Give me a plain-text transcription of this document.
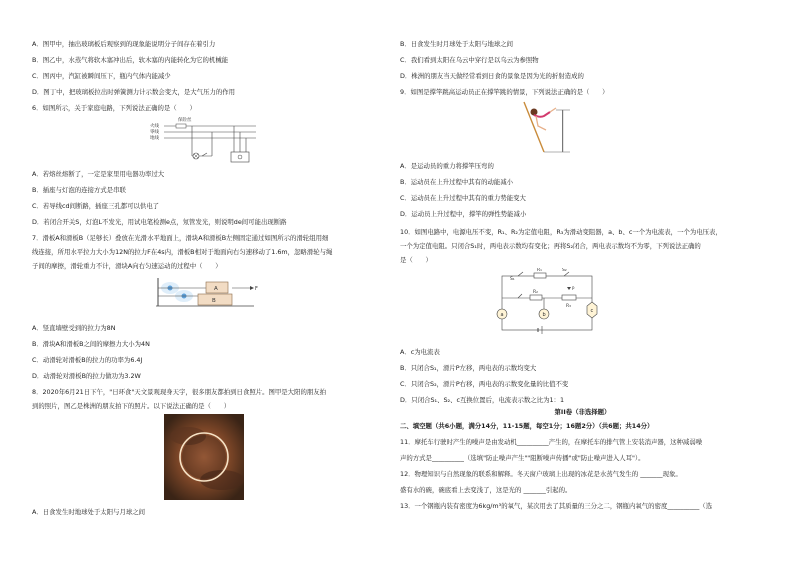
A．图甲中，抽出玻璃板后观察到的现象能说明分子间存在着引力
B．图乙中，水蒸气将软木塞冲出后，软木塞的内能转化为它的机械能
C．图丙中，汽缸被瞬间压下，瓶内气体内能减少
D．图丁中，把玻璃板拉出时弹簧测力计示数会变大，是大气压力的作用
6．如图所示，关于家庭电路，下列说法正确的是（　　）
保险丝
火线
零线
地线
A．若熔丝熔断了，一定是家里用电器功率过大
B．插座与灯泡的连接方式是串联
C．若导线cd间断路，插座三孔都可以供电了
D．若闭合开关S，灯泡L不发光，用试电笔检测e点，氖管发光，则说明de间可能出现断路
7．滑板A和滑板B（足够长）叠放在光滑水平地面上，滑块A和滑板B左侧固定通过如图所示的滑轮组用细
线连接，所用水平拉力大小为12N的拉力F在4s内，滑板B相对于地面向右匀速移动了1.6m，忽略滑轮与绳
子间的摩擦，滑轮重力不计，滑块A向右匀速运动的过程中（　　）
A
B
F
A．竖直墙壁受到的拉力为8N
B．滑块A和滑板B之间的摩擦力大小为4N
C．动滑轮对滑板B的拉力的功率为6.4J
D．动滑轮对滑板B的拉力做功为3.2W
8．2020年6月21日下午，"日环食"天文景观现身天宇，很多朋友都拍到日食照片。图甲是大阳的朋友拍
到的照片，图乙是株洲的朋友拍下的照片。以下说法正确的是（　　）
A．日食发生时地球处于太阳与月球之间
B．日食发生时月球处于太阳与地球之间
C．我们看到太阳在乌云中穿行是以乌云为参照物
D．株洲的朋友当天做经常看到日食的景象是因为光的折射造成的
9．如图是撑竿跳高运动员正在撑竿跳的情景，下列说法正确的是（　　）
A．是运动员的重力将撑竿压弯的
B．运动员在上升过程中其有的动能减小
C．运动员在上升过程中其有的重力势能变大
D．运动员上升过程中，撑竿的弹性势能减小
10．如图电路中，电源电压不变，R₁、R₂为定值电阻，R₃为滑动变阻器，a、b、c一个为电流表，一个为电压表，
一个为定值电阻。只闭合S₁时，两电表示数均有变化；再将S₂闭合，两电表示数均不为零，下列说法正确的
是（　　）
S₁
S₂
R₁
R₂
P
R₃
a	b
c
A．c为电流表
B．只闭合S₁，滑片P左移，两电表的示数均变大
C．只闭合S₂，滑片P右移，两电表的示数变化量的比值不变
D．只闭合S₁、S₂、c互换位置后，电流表示数之比为1：1
第II卷（非选择题）
二、填空题（共6小题，满分14分，11-15题，每空1分；16题2分）（共6题；共14分）
11．摩托车行驶时产生的噪声是由发动机__________产生的，在摩托车的排气管上安装消声器，这种减弱噪
声的方式是__________（选填"防止噪声产生""阻断噪声传播"或"防止噪声进入人耳"）。
12．物理知识与自然现象的联系和解释。冬天窗户玻璃上出现的冰花是水蒸气发生的 _______现象。
盛有水的碗，碗底看上去变浅了，这是光的 _______引起的。
13．一个钢瓶内装有密度为6kg/m³的氧气，某次用去了其质量的三分之二，钢瓶内氧气的密度__________（选
